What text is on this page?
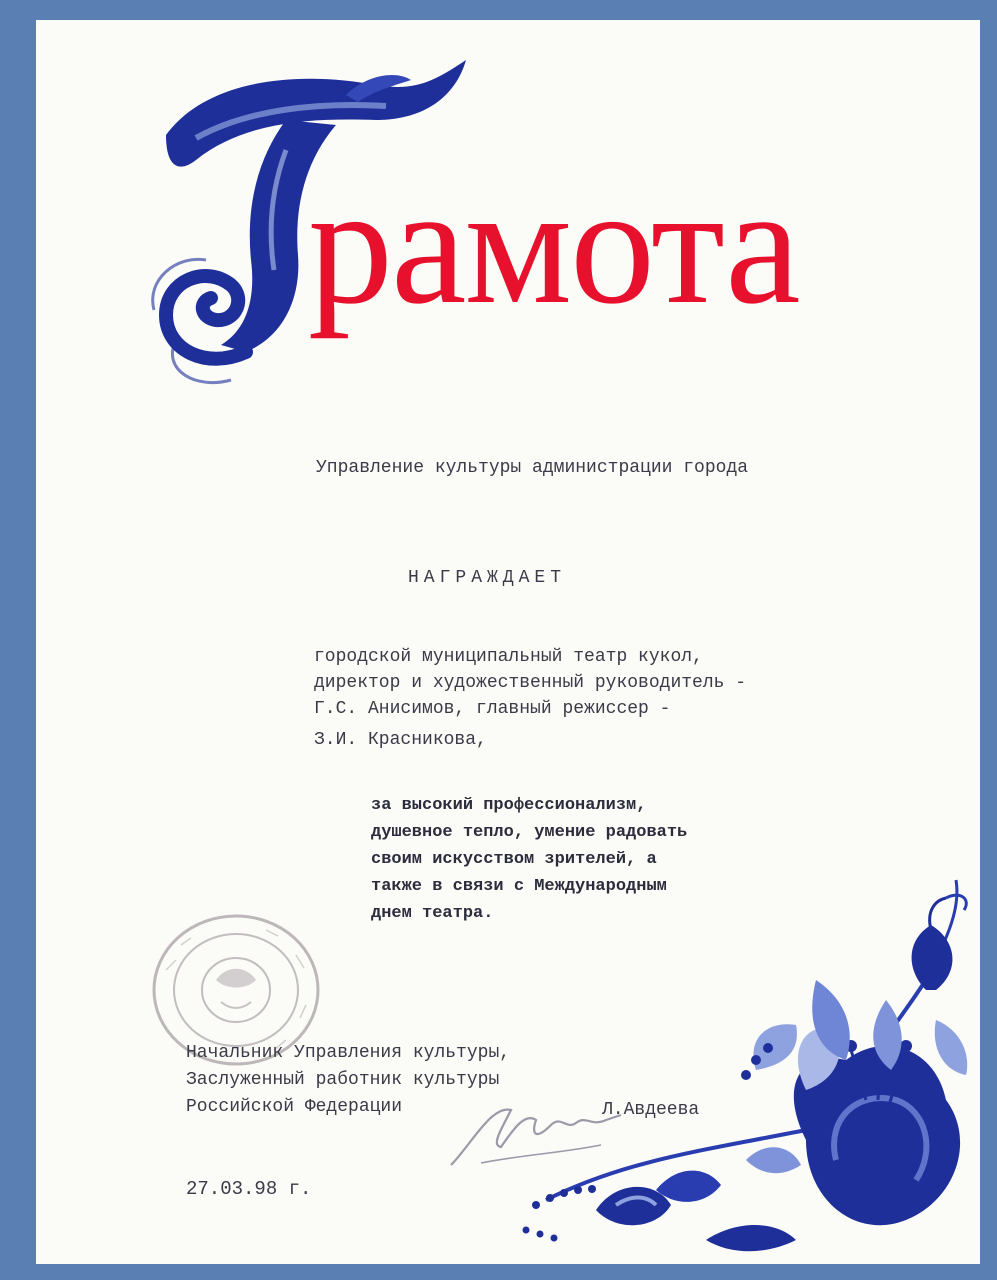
рамота
Управление культуры администрации города
НАГРАЖДАЕТ
городской муниципальный театр кукол,
директор и художественный руководитель -
Г.С. Анисимов, главный режиссер -
З.И. Красникова,
за высокий профессионализм,
душевное тепло, умение радовать
своим искусством зрителей, а
также в связи с Международным
днем театра.
Начальник Управления культуры,
Заслуженный работник культуры
Российской Федерации	Л.Авдеева
27.03.98 г.
